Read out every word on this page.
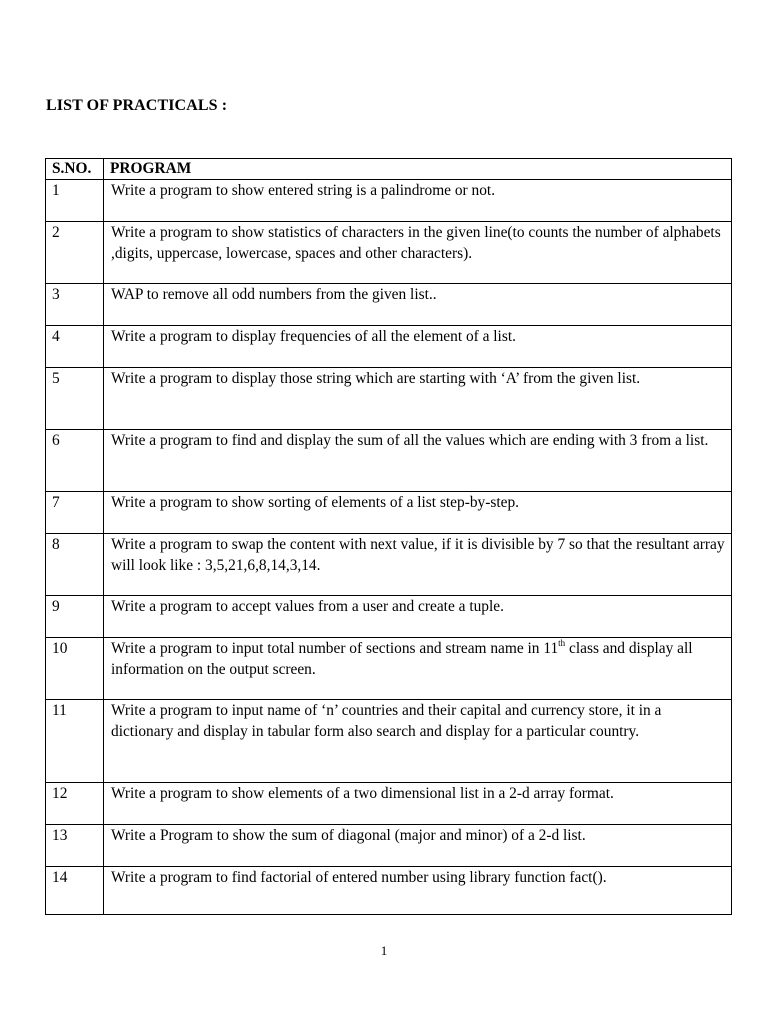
LIST OF PRACTICALS :
S.NO.	PROGRAM

1	Write a program to show entered string is a palindrome or not.

2	Write a program to show statistics of characters in the given line(to counts the number of alphabets ,digits, uppercase, lowercase, spaces and other characters).

3	WAP to remove all odd numbers from the given list..

4	Write a program to display frequencies of all the element of a list.

5	Write a program to display those string which are starting with ‘A’ from the given list.

6	Write a program to find and display the sum of all the values which are ending with 3 from a list.

7	Write a program to show sorting of elements of a list step-by-step.

8	Write a program to swap the content with next value, if it is divisible by 7 so that the resultant array will look like : 3,5,21,6,8,14,3,14.

9	Write a program to accept values from a user and create a tuple.

10	Write a program to input total number of sections and stream name in 11th class and display all information on the output screen.

11	Write a program to input name of ‘n’ countries and their capital and currency store, it in a dictionary and display in tabular form also search and display for a particular country.

12	Write a program to show elements of a two dimensional list in a 2-d array format.

13	Write a Program to show the sum of diagonal (major and minor) of a 2-d list.

14	Write a program to find factorial of entered number using library function fact().
1
